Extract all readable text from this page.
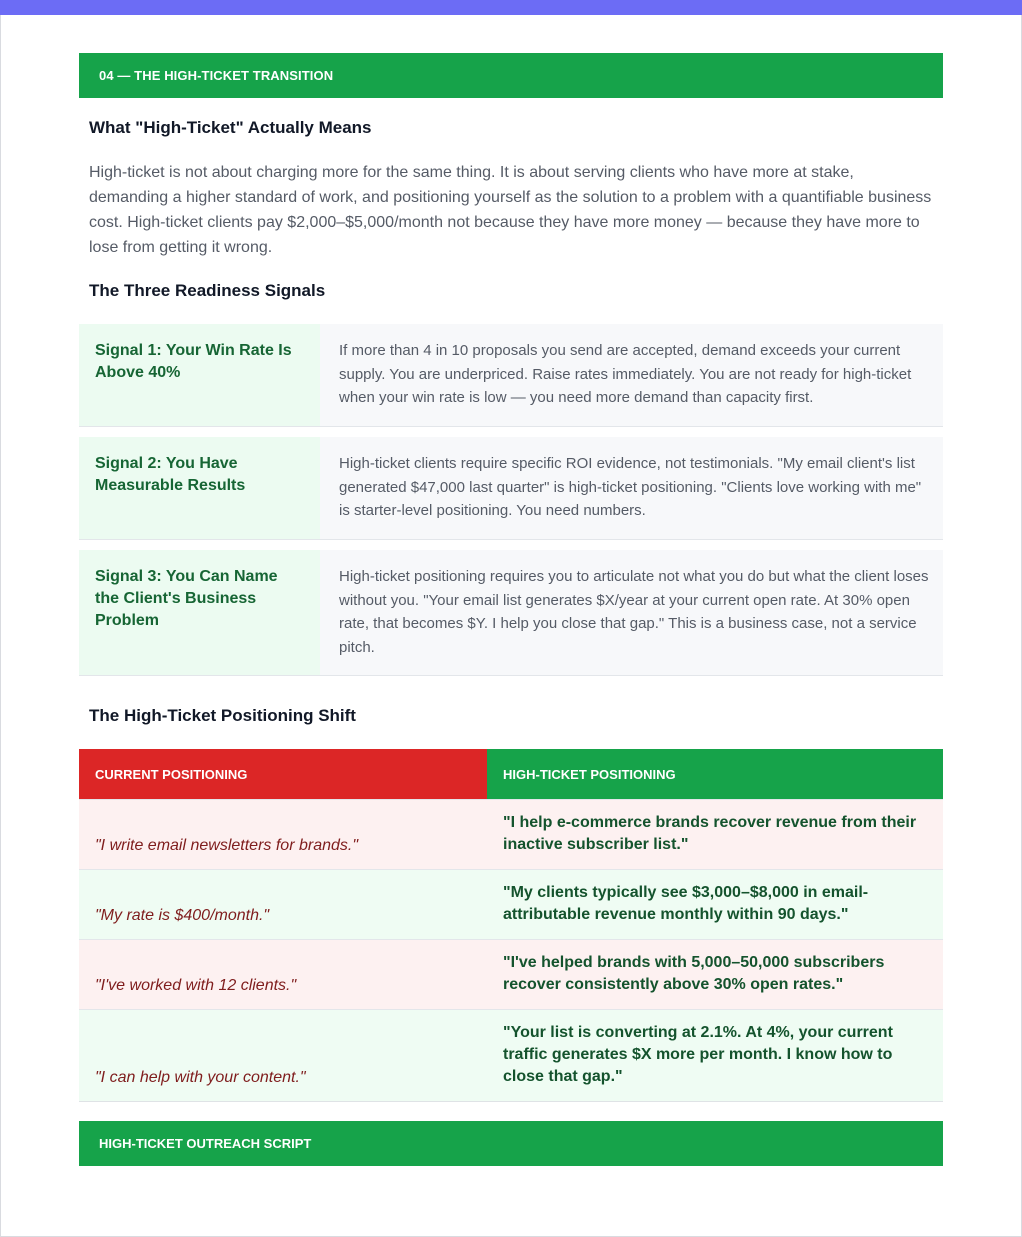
04 — THE HIGH-TICKET TRANSITION
What "High-Ticket" Actually Means

High-ticket is not about charging more for the same thing. It is about serving clients who have more at stake, demanding a higher standard of work, and positioning yourself as the solution to a problem with a quantifiable business cost. High-ticket clients pay $2,000–$5,000/month not because they have more money — because they have more to lose from getting it wrong.

The Three Readiness Signals
Signal 1: Your Win Rate Is Above 40%
If more than 4 in 10 proposals you send are accepted, demand exceeds your current supply. You are underpriced. Raise rates immediately. You are not ready for high-ticket when your win rate is low — you need more demand than capacity first.
Signal 2: You Have Measurable Results
High-ticket clients require specific ROI evidence, not testimonials. "My email client's list generated $47,000 last quarter" is high-ticket positioning. "Clients love working with me" is starter-level positioning. You need numbers.
Signal 3: You Can Name the Client's Business Problem
High-ticket positioning requires you to articulate not what you do but what the client loses without you. "Your email list generates $X/year at your current open rate. At 30% open rate, that becomes $Y. I help you close that gap." This is a business case, not a service pitch.
The High-Ticket Positioning Shift
CURRENT POSITIONING	HIGH-TICKET POSITIONING
"I write email newsletters for brands."
"I help e-commerce brands recover revenue from their inactive subscriber list."
"My rate is $400/month."
"My clients typically see $3,000–$8,000 in email-attributable revenue monthly within 90 days."
"I've worked with 12 clients."
"I've helped brands with 5,000–50,000 subscribers recover consistently above 30% open rates."
"I can help with your content."
"Your list is converting at 2.1%. At 4%, your current traffic generates $X more per month. I know how to close that gap."
HIGH-TICKET OUTREACH SCRIPT
